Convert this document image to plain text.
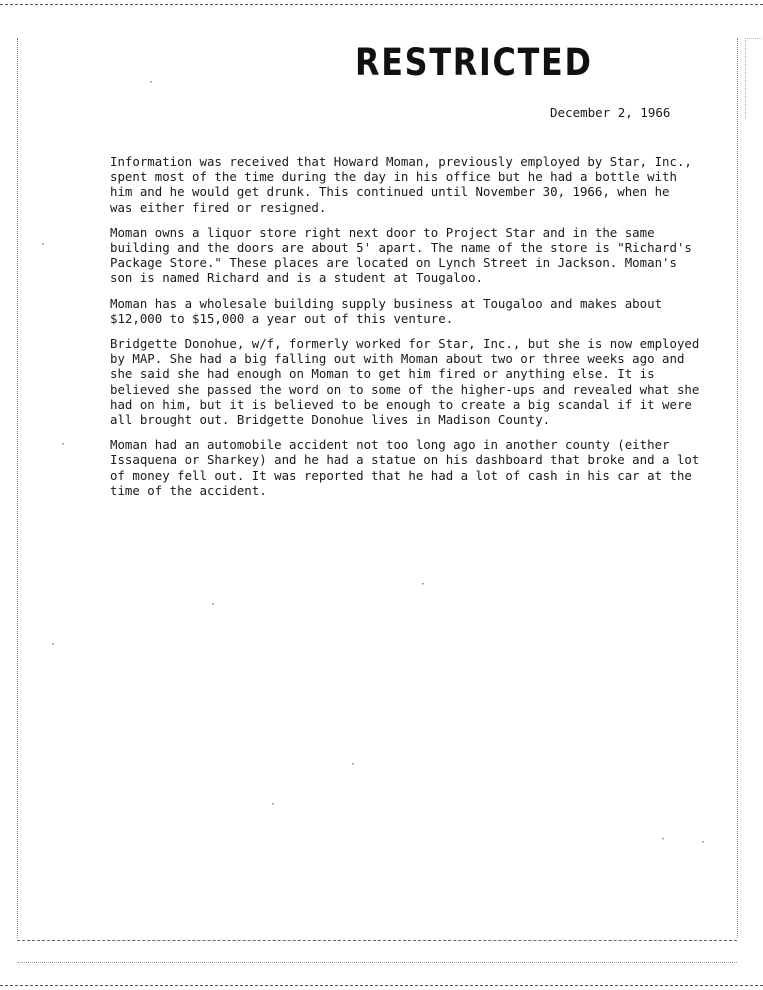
·
·
·
·
·
·
·
·
·	·
RESTRICTED
December 2, 1966

Information was received that Howard Moman, previously employed by Star, Inc.,
spent most of the time during the day in his office but he had a bottle with
him and he would get drunk. This continued until November 30, 1966, when he
was either fired or resigned.

Moman owns a liquor store right next door to Project Star and in the same
building and the doors are about 5' apart. The name of the store is "Richard's
Package Store." These places are located on Lynch Street in Jackson. Moman's
son is named Richard and is a student at Tougaloo.

Moman has a wholesale building supply business at Tougaloo and makes about
$12,000 to $15,000 a year out of this venture.

Bridgette Donohue, w/f, formerly worked for Star, Inc., but she is now employed
by MAP. She had a big falling out with Moman about two or three weeks ago and
she said she had enough on Moman to get him fired or anything else. It is
believed she passed the word on to some of the higher-ups and revealed what she
had on him, but it is believed to be enough to create a big scandal if it were
all brought out. Bridgette Donohue lives in Madison County.

Moman had an automobile accident not too long ago in another county (either
Issaquena or Sharkey) and he had a statue on his dashboard that broke and a lot
of money fell out. It was reported that he had a lot of cash in his car at the
time of the accident.
